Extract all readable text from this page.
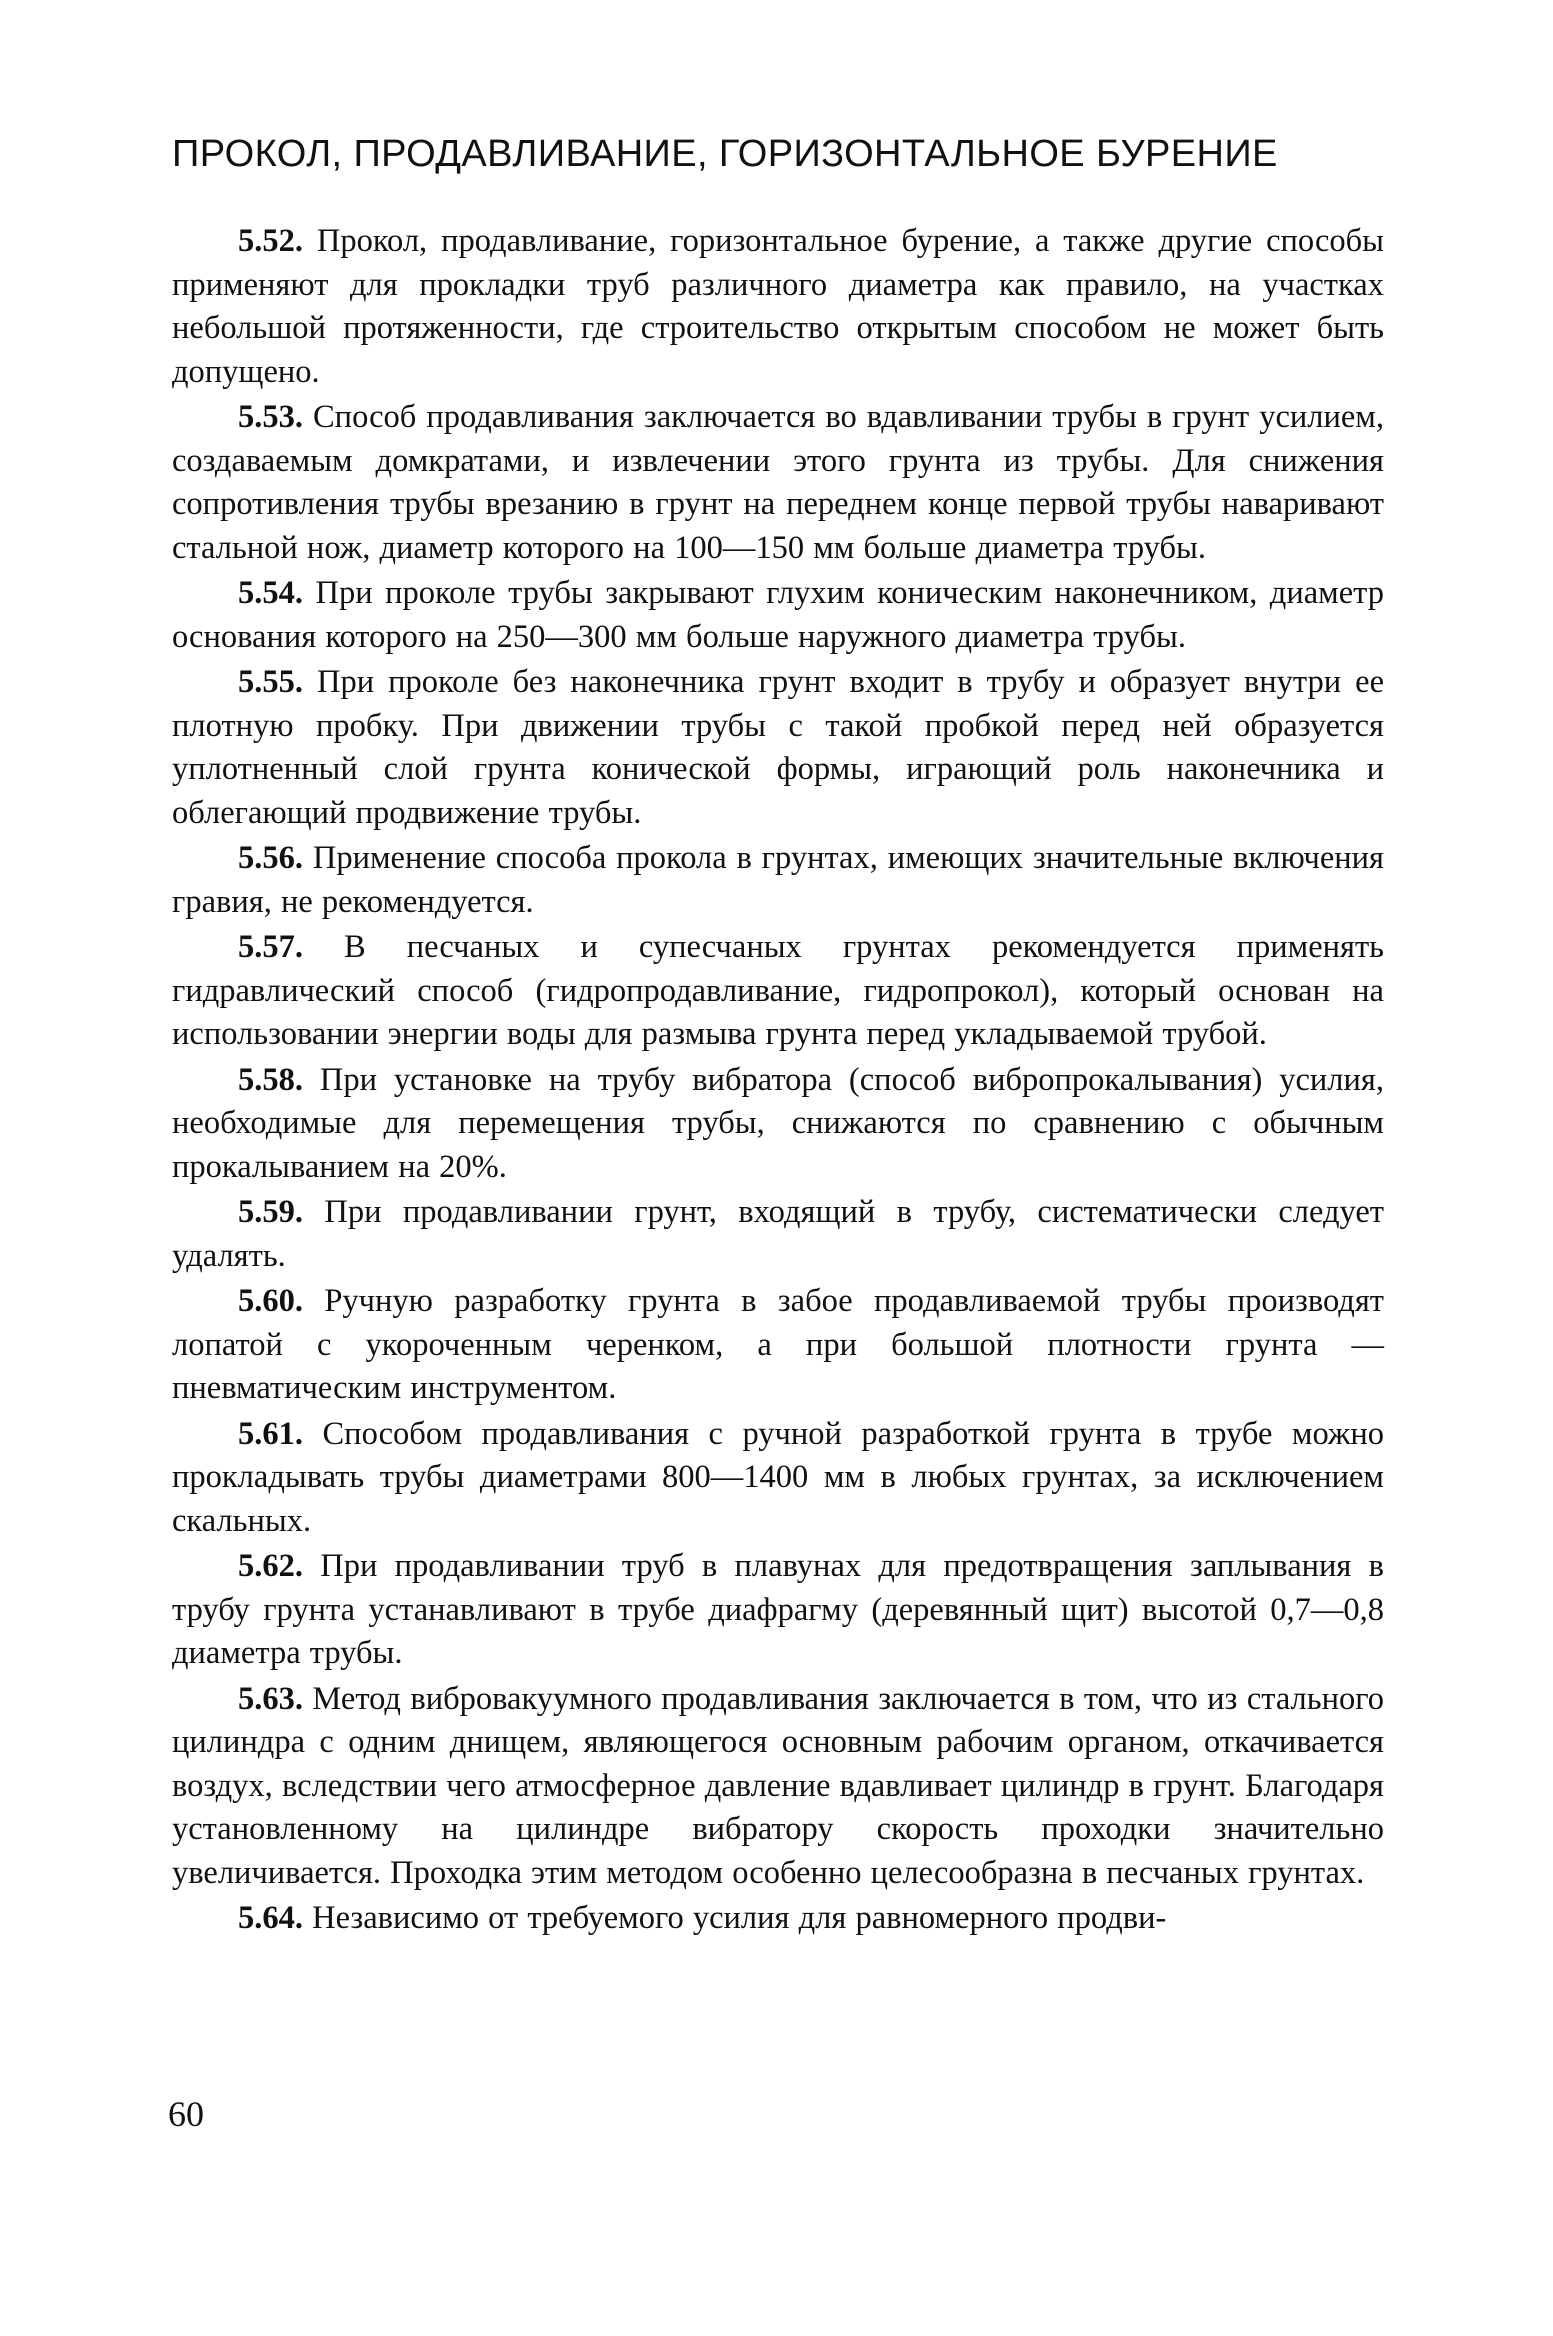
ПРОКОЛ, ПРОДАВЛИВАНИЕ, ГОРИЗОНТАЛЬНОЕ БУРЕНИЕ

5.52. Прокол, продавливание, горизонтальное бурение, а также другие способы применяют для прокладки труб различного диаметра как правило, на участках небольшой протяженности, где строительство открытым способом не может быть допущено.

5.53. Способ продавливания заключается во вдавливании трубы в грунт усилием, создаваемым домкратами, и извлечении этого грунта из трубы. Для снижения сопротивления трубы врезанию в грунт на переднем конце первой трубы наваривают стальной нож, диаметр которого на 100—150 мм больше диаметра трубы.

5.54. При проколе трубы закрывают глухим коническим наконечником, диаметр основания которого на 250—300 мм больше наружного диаметра трубы.

5.55. При проколе без наконечника грунт входит в трубу и образует внутри ее плотную пробку. При движении трубы с такой пробкой перед ней образуется уплотненный слой грунта конической формы, играющий роль наконечника и облегающий продвижение трубы.

5.56. Применение способа прокола в грунтах, имеющих значительные включения гравия, не рекомендуется.

5.57. В песчаных и супесчаных грунтах рекомендуется применять гидравлический способ (гидропродавливание, гидропрокол), который основан на использовании энергии воды для размыва грунта перед укладываемой трубой.

5.58. При установке на трубу вибратора (способ вибропрокалывания) усилия, необходимые для перемещения трубы, снижаются по сравнению с обычным прокалыванием на 20%.

5.59. При продавливании грунт, входящий в трубу, систематически следует удалять.

5.60. Ручную разработку грунта в забое продавливаемой трубы производят лопатой с укороченным черенком, а при большой плотности грунта — пневматическим инструментом.

5.61. Способом продавливания с ручной разработкой грунта в трубе можно прокладывать трубы диаметрами 800—1400 мм в любых грунтах, за исключением скальных.

5.62. При продавливании труб в плавунах для предотвращения заплывания в трубу грунта устанавливают в трубе диафрагму (деревянный щит) высотой 0,7—0,8 диаметра трубы.

5.63. Метод вибровакуумного продавливания заключается в том, что из стального цилиндра с одним днищем, являющегося основным рабочим органом, откачивается воздух, вследствии чего атмосферное давление вдавливает цилиндр в грунт. Благодаря установленному на цилиндре вибратору скорость проходки значительно увеличивается. Проходка этим методом особенно целесообразна в песчаных грунтах.

5.64. Независимо от требуемого усилия для равномерного продви-

60
